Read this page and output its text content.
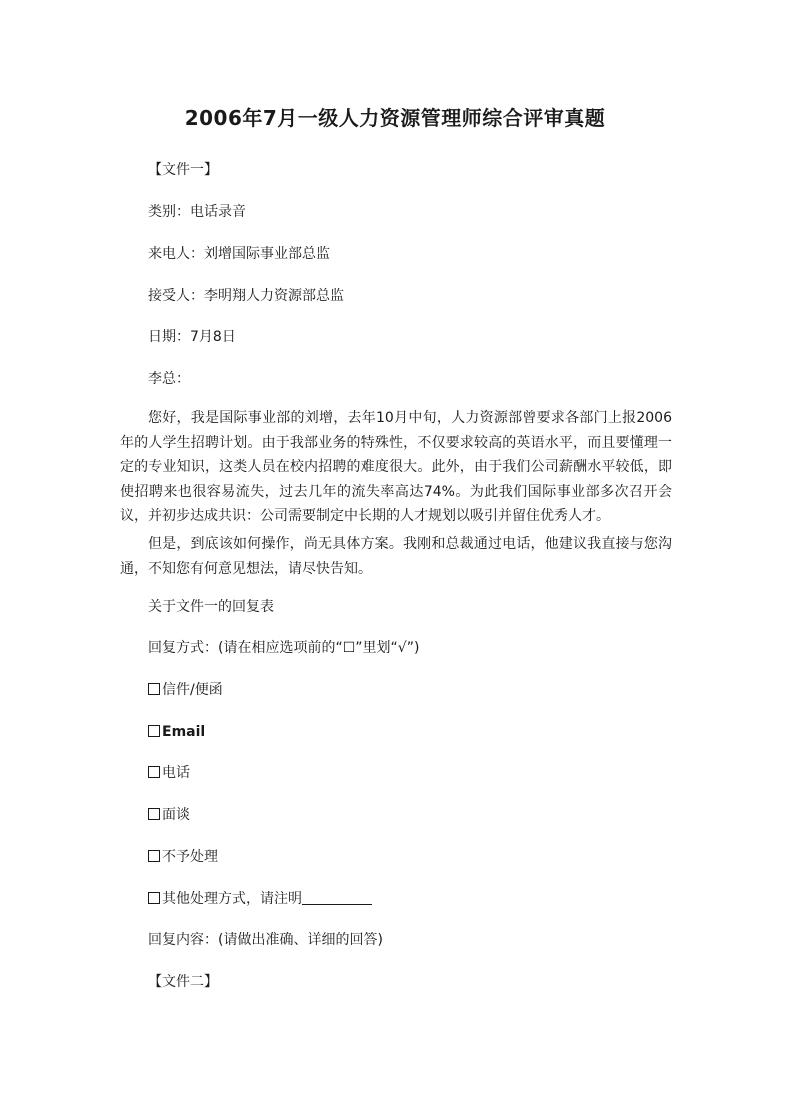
2006年7月一级人力资源管理师综合评审真题
【文件一】
类别：电话录音
来电人：刘增国际事业部总监
接受人：李明翔人力资源部总监
日期：7月8日
李总：
您好，我是国际事业部的刘增，去年10月中旬，人力资源部曾要求各部门上报2006年的人学生招聘计划。由于我部业务的特殊性，不仅要求较高的英语水平，而且要懂理一定的专业知识，这类人员在校内招聘的难度很大。此外，由于我们公司薪酬水平较低，即使招聘来也很容易流失，过去几年的流失率高达74%。为此我们国际事业部多次召开会议，并初步达成共识：公司需要制定中长期的人才规划以吸引并留住优秀人才。
但是，到底该如何操作，尚无具体方案。我刚和总裁通过电话，他建议我直接与您沟通，不知您有何意见想法，请尽快告知。
关于文件一的回复表
回复方式：(请在相应选项前的“☐”里划“√”)
信件/便函
Email
电话
面谈
不予处理
其他处理方式，请注明
回复内容：(请做出准确、详细的回答)
【文件二】
